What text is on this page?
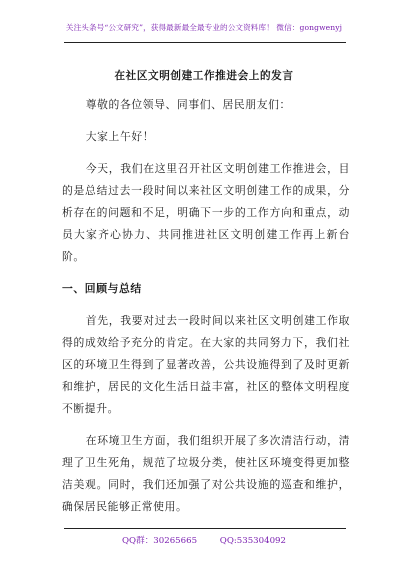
关注头条号“公文研究”，获得最新最全最专业的公文资料库！ 微信：gongwenyj
在社区文明创建工作推进会上的发言

尊敬的各位领导、同事们、居民朋友们：

大家上午好！

今天，我们在这里召开社区文明创建工作推进会，目的是总结过去一段时间以来社区文明创建工作的成果，分析存在的问题和不足，明确下一步的工作方向和重点，动员大家齐心协力、共同推进社区文明创建工作再上新台阶。

一、回顾与总结

首先，我要对过去一段时间以来社区文明创建工作取得的成效给予充分的肯定。在大家的共同努力下，我们社区的环境卫生得到了显著改善，公共设施得到了及时更新和维护，居民的文化生活日益丰富，社区的整体文明程度不断提升。

在环境卫生方面，我们组织开展了多次清洁行动，清理了卫生死角，规范了垃圾分类，使社区环境变得更加整洁美观。同时，我们还加强了对公共设施的巡查和维护，确保居民能够正常使用。

QQ群：30265665	QQ:535304092
